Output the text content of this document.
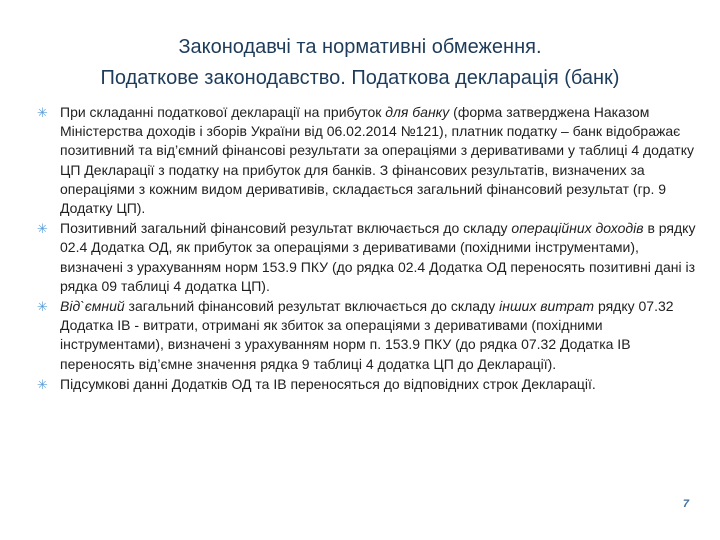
Законодавчі та нормативні обмеження.
Податкове законодавство. Податкова декларація (банк)
✳ При складанні податкової декларації на прибуток для банку (форма затверджена Наказом Міністерства доходів і зборів України від 06.02.2014 №121), платник податку – банк відображає позитивний та від’ємний фінансові результати за операціями з деривативами у таблиці 4 додатку ЦП Декларації з податку на прибуток для банків. З фінансових результатів, визначених за операціями з кожним видом деривативів, складається загальний фінансовий результат (гр. 9 Додатку ЦП).
✳ Позитивний загальний фінансовий результат включається до складу операційних доходів в рядку 02.4 Додатка ОД, як прибуток за операціями з деривативами (похідними інструментами), визначені з урахуванням норм 153.9 ПКУ (до рядка 02.4 Додатка ОД переносять позитивні дані із рядка 09 таблиці 4 додатка ЦП).
✳ Від`ємний загальний фінансовий результат включається до складу інших витрат рядку 07.32 Додатка ІВ - витрати, отримані як збиток за операціями з деривативами (похідними інструментами), визначені з урахуванням норм п. 153.9 ПКУ (до рядка 07.32 Додатка ІВ переносять від’ємне значення рядка 9 таблиці 4 додатка ЦП до Декларації).
✳ Підсумкові данні Додатків ОД та ІВ переносяться до відповідних строк Декларації.
7
